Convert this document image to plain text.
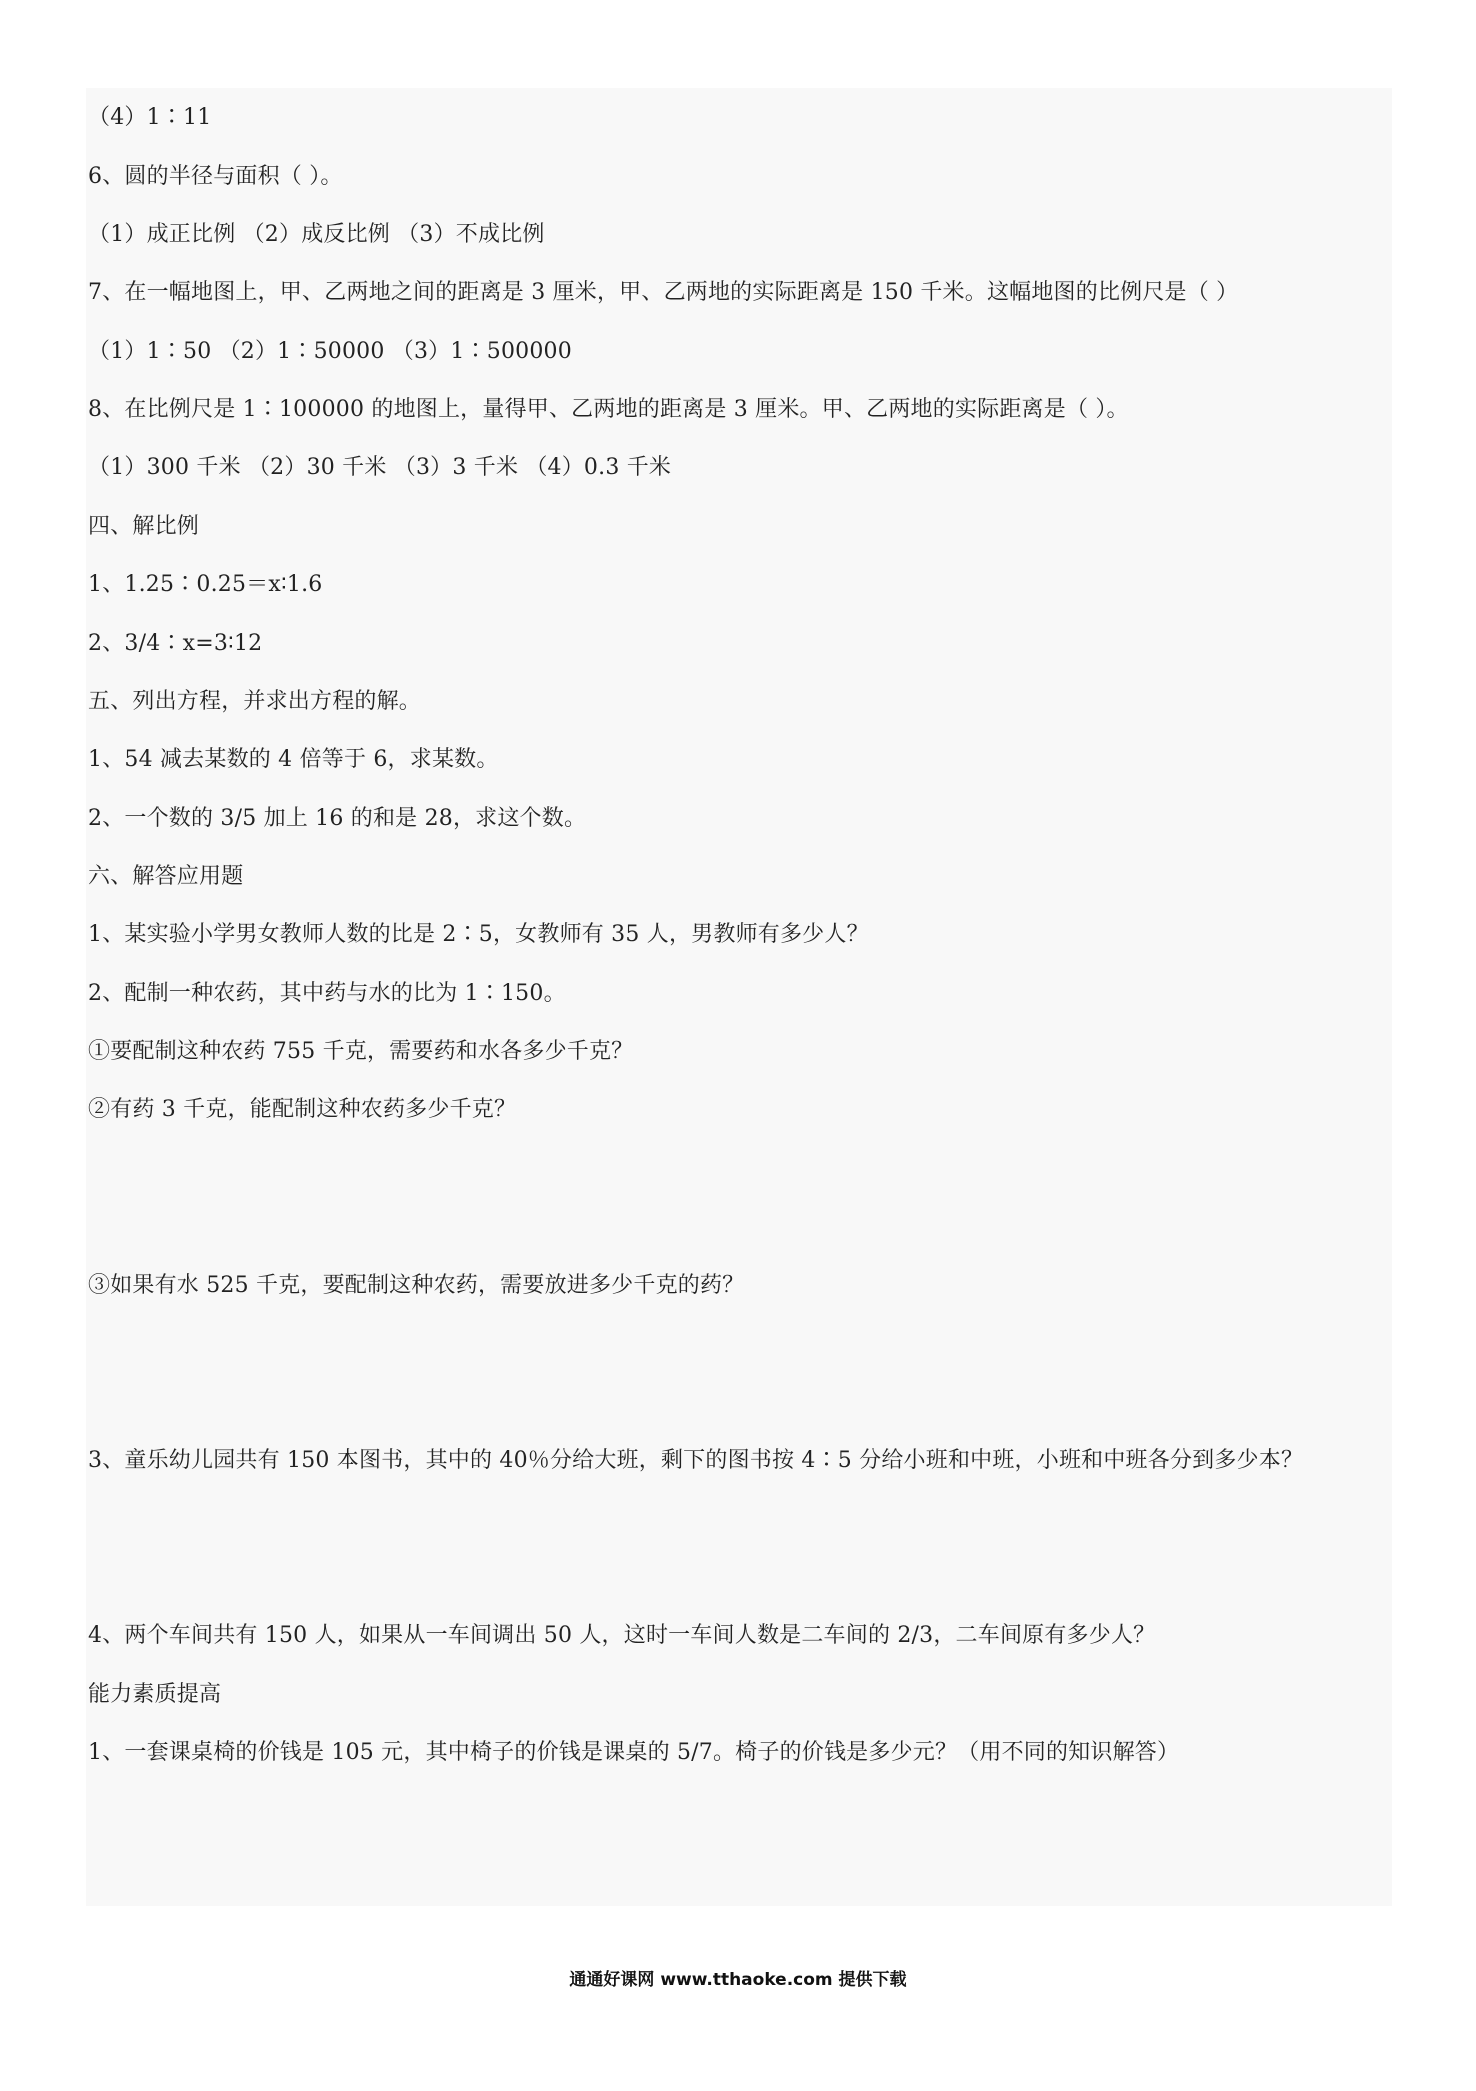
（4）1∶11
6、圆的半径与面积（ ）。
（1）成正比例 （2）成反比例 （3）不成比例
7、在一幅地图上，甲、乙两地之间的距离是 3 厘米，甲、乙两地的实际距离是 150 千米。这幅地图的比例尺是（ ）
（1）1∶50 （2）1∶50000 （3）1∶500000
8、在比例尺是 1∶100000 的地图上，量得甲、乙两地的距离是 3 厘米。甲、乙两地的实际距离是（ ）。
（1）300 千米 （2）30 千米 （3）3 千米 （4）0.3 千米
四、解比例
1、1.25∶0.25＝x∶1.6
2、3/4∶x=3∶12
五、列出方程，并求出方程的解。
1、54 减去某数的 4 倍等于 6，求某数。
2、一个数的 3/5 加上 16 的和是 28，求这个数。
六、解答应用题
1、某实验小学男女教师人数的比是 2∶5，女教师有 35 人，男教师有多少人？
2、配制一种农药，其中药与水的比为 1∶150。
①要配制这种农药 755 千克，需要药和水各多少千克？
②有药 3 千克，能配制这种农药多少千克？
③如果有水 525 千克，要配制这种农药，需要放进多少千克的药？
3、童乐幼儿园共有 150 本图书，其中的 40％分给大班，剩下的图书按 4∶5 分给小班和中班，小班和中班各分到多少本？
4、两个车间共有 150 人，如果从一车间调出 50 人，这时一车间人数是二车间的 2/3，二车间原有多少人？
能力素质提高
1、一套课桌椅的价钱是 105 元，其中椅子的价钱是课桌的 5/7。椅子的价钱是多少元？（用不同的知识解答）
通通好课网 www.tthaoke.com 提供下载
